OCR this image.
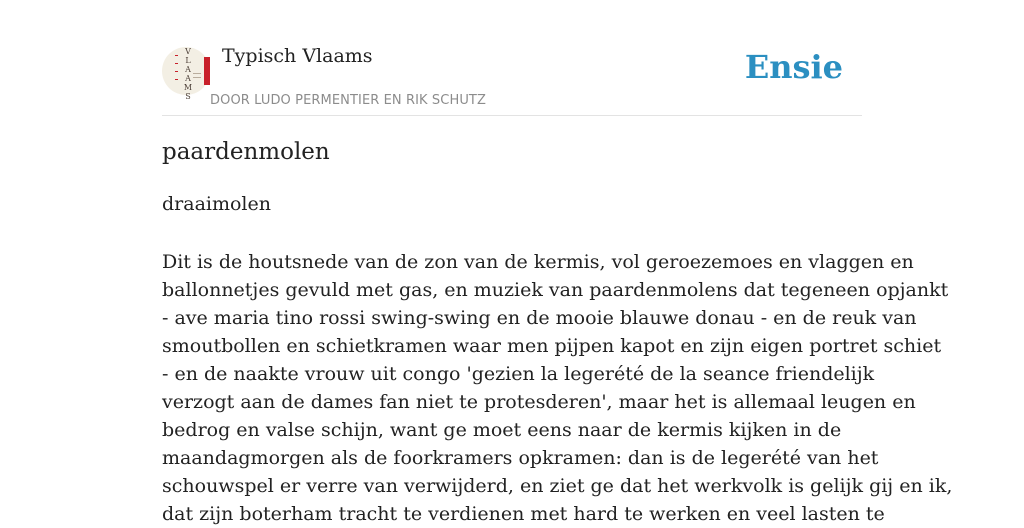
V
L
A
A
M
S
Typisch Vlaams
DOOR LUDO PERMENTIER EN RIK SCHUTZ
Ensie
paardenmolen
draaimolen
Dit is de houtsnede van de zon van de kermis, vol geroezemoes en vlaggen en
ballonnetjes gevuld met gas, en muziek van paardenmolens dat tegeneen opjankt
- ave maria tino rossi swing-swing en de mooie blauwe donau - en de reuk van
smoutbollen en schietkramen waar men pijpen kapot en zijn eigen portret schiet
- en de naakte vrouw uit congo 'gezien la legerété de la seance friendelijk
verzogt aan de dames fan niet te protesderen', maar het is allemaal leugen en
bedrog en valse schijn, want ge moet eens naar de kermis kijken in de
maandagmorgen als de foorkramers opkramen: dan is de legerété van het
schouwspel er verre van verwijderd, en ziet ge dat het werkvolk is gelijk gij en ik,
dat zijn boterham tracht te verdienen met hard te werken en veel lasten te
